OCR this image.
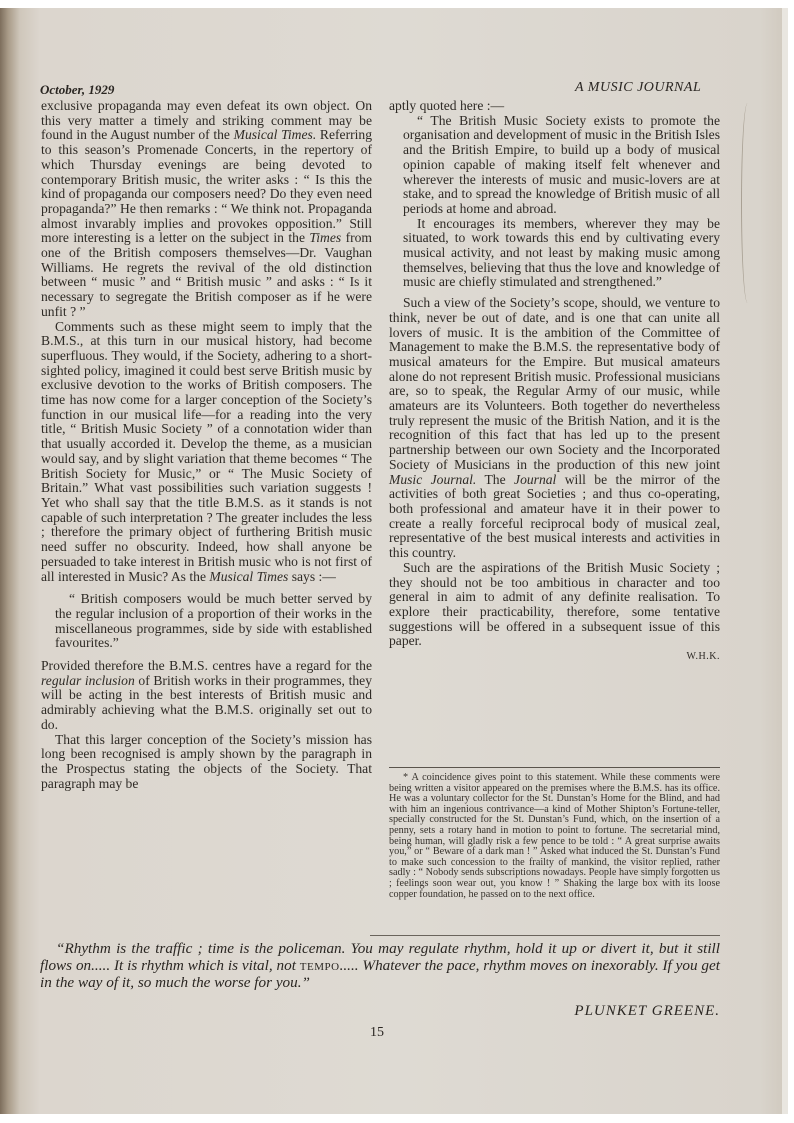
October, 1929	A MUSIC JOURNAL

exclusive propaganda may even defeat its own object. On this very matter a timely and striking comment may be found in the August number of the Musical Times. Referring to this season’s Promenade Concerts, in the repertory of which Thursday evenings are being devoted to contemporary British music, the writer asks : “ Is this the kind of propaganda our composers need? Do they even need propaganda?” He then remarks : “ We think not. Propaganda almost invarably implies and provokes opposition.” Still more interesting is a letter on the subject in the Times from one of the British composers themselves—Dr. Vaughan Williams. He regrets the revival of the old distinction between “ music ” and “ British music ” and asks : “ Is it necessary to segregate the British composer as if he were unfit ? ”

Comments such as these might seem to imply that the B.M.S., at this turn in our musical history, had become superfluous. They would, if the Society, adhering to a short-sighted policy, imagined it could best serve British music by exclusive devotion to the works of British composers. The time has now come for a larger conception of the Society’s function in our musical life—for a reading into the very title, “ British Music Society ” of a connotation wider than that usually accorded it. Develop the theme, as a musician would say, and by slight variation that theme becomes “ The British Society for Music,” or “ The Music Society of Britain.” What vast possibilities such variation suggests ! Yet who shall say that the title B.M.S. as it stands is not capable of such interpretation ? The greater includes the less ; therefore the primary object of furthering British music need suffer no obscurity. Indeed, how shall anyone be persuaded to take interest in British music who is not first of all interested in Music? As the Musical Times says :—

“ British composers would be much better served by the regular inclusion of a proportion of their works in the miscellaneous programmes, side by side with established favourites.”

Provided therefore the B.M.S. centres have a regard for the regular inclusion of British works in their programmes, they will be acting in the best interests of British music and admirably achieving what the B.M.S. originally set out to do.

That this larger conception of the Society’s mission has long been recognised is amply shown by the paragraph in the Prospectus stating the objects of the Society. That paragraph may be

aptly quoted here :—

“ The British Music Society exists to promote the organisation and development of music in the British Isles and the British Empire, to build up a body of musical opinion capable of making itself felt whenever and wherever the interests of music and music-lovers are at stake, and to spread the knowledge of British music of all periods at home and abroad.

It encourages its members, wherever they may be situated, to work towards this end by cultivating every musical activity, and not least by making music among themselves, believing that thus the love and knowledge of music are chiefly stimulated and strengthened.”

Such a view of the Society’s scope, should, we venture to think, never be out of date, and is one that can unite all lovers of music. It is the ambition of the Committee of Management to make the B.M.S. the representative body of musical amateurs for the Empire. But musical amateurs alone do not represent British music. Professional musicians are, so to speak, the Regular Army of our music, while amateurs are its Volunteers. Both together do nevertheless truly represent the music of the British Nation, and it is the recognition of this fact that has led up to the present partnership between our own Society and the Incorporated Society of Musicians in the production of this new joint Music Journal. The Journal will be the mirror of the activities of both great Societies ; and thus co-operating, both professional and amateur have it in their power to create a really forceful reciprocal body of musical zeal, representative of the best musical interests and activities in this country.

Such are the aspirations of the British Music Society ; they should not be too ambitious in character and too general in aim to admit of any definite realisation. To explore their practicability, therefore, some tentative suggestions will be offered in a subsequent issue of this paper.

W.H.K.

* A coincidence gives point to this statement. While these comments were being written a visitor appeared on the premises where the B.M.S. has its office. He was a voluntary collector for the St. Dunstan’s Home for the Blind, and had with him an ingenious contrivance—a kind of Mother Shipton’s Fortune-teller, specially constructed for the St. Dunstan’s Fund, which, on the insertion of a penny, sets a rotary hand in motion to point to fortune. The secretarial mind, being human, will gladly risk a few pence to be told : “ A great surprise awaits you,” or “ Beware of a dark man ! ” Asked what induced the St. Dunstan’s Fund to make such concession to the frailty of mankind, the visitor replied, rather sadly : “ Nobody sends subscriptions nowadays. People have simply forgotten us ; feelings soon wear out, you know ! ” Shaking the large box with its loose copper foundation, he passed on to the next office.

“Rhythm is the traffic ; time is the policeman. You may regulate rhythm, hold it up or divert it, but it still flows on..... It is rhythm which is vital, not tempo..... Whatever the pace, rhythm moves on inexorably. If you get in the way of it, so much the worse for you.”

PLUNKET GREENE.
15
